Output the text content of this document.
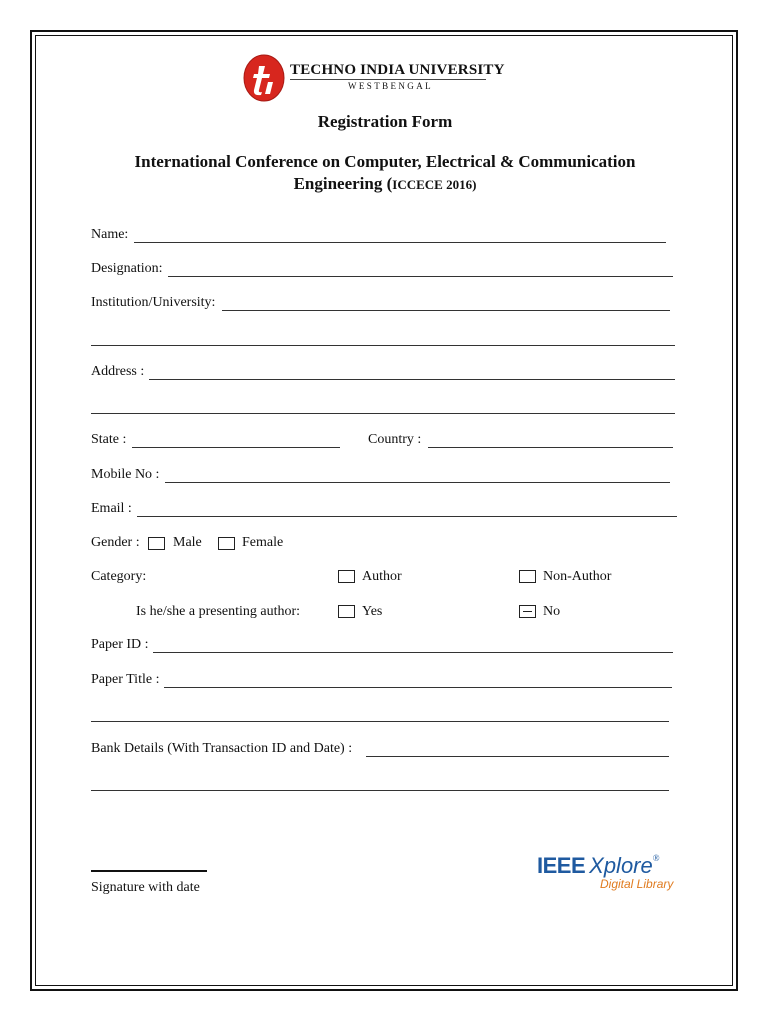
TECHNO INDIA UNIVERSITY
WESTBENGAL
Registration Form
International Conference on Computer, Electrical & Communication
Engineering (ICCECE 2016)
Name:
Designation:
Institution/University:
Address :
State :	Country :
Mobile No :
Email :
Gender : Male	Female
Category:	Author	Non-Author
Is he/she a presenting author:	Yes	No
Paper ID :
Paper Title :
Bank Details (With Transaction ID and Date) :
Signature with date
IEEE Xplore®
Digital Library
